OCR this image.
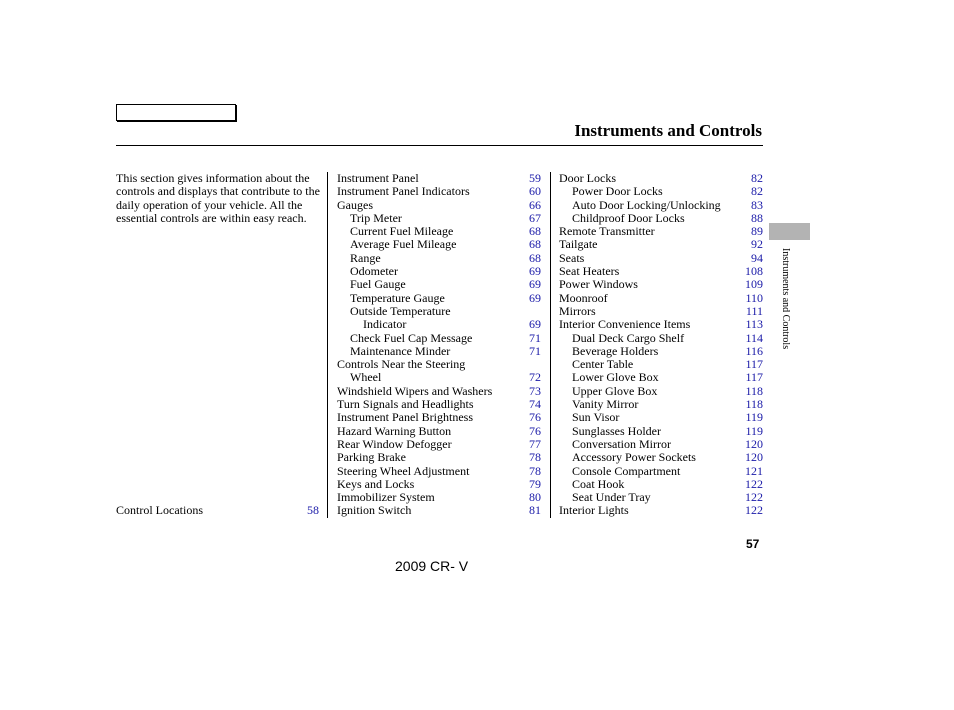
Instruments and Controls
This section gives information about the controls and displays that contribute to the daily operation of your vehicle. All the essential controls are within easy reach.
Control Locations	58
Instrument Panel	59
Instrument Panel Indicators	60
Gauges	66
Trip Meter	67
Current Fuel Mileage	68
Average Fuel Mileage	68
Range	68
Odometer	69
Fuel Gauge	69
Temperature Gauge	69
Outside Temperature
Indicator	69
Check Fuel Cap Message	71
Maintenance Minder	71
Controls Near the Steering
Wheel	72
Windshield Wipers and Washers	73
Turn Signals and Headlights	74
Instrument Panel Brightness	76
Hazard Warning Button	76
Rear Window Defogger	77
Parking Brake	78
Steering Wheel Adjustment	78
Keys and Locks	79
Immobilizer System	80
Ignition Switch	81
Door Locks	82
Power Door Locks	82
Auto Door Locking/Unlocking	83
Childproof Door Locks	88
Remote Transmitter	89
Tailgate	92
Seats	94
Seat Heaters	108
Power Windows	109
Moonroof	110
Mirrors	111
Interior Convenience Items	113
Dual Deck Cargo Shelf	114
Beverage Holders	116
Center Table	117
Lower Glove Box	117
Upper Glove Box	118
Vanity Mirror	118
Sun Visor	119
Sunglasses Holder	119
Conversation Mirror	120
Accessory Power Sockets	120
Console Compartment	121
Coat Hook	122
Seat Under Tray	122
Interior Lights	122
Instruments and Controls
57
2009 CR- V
